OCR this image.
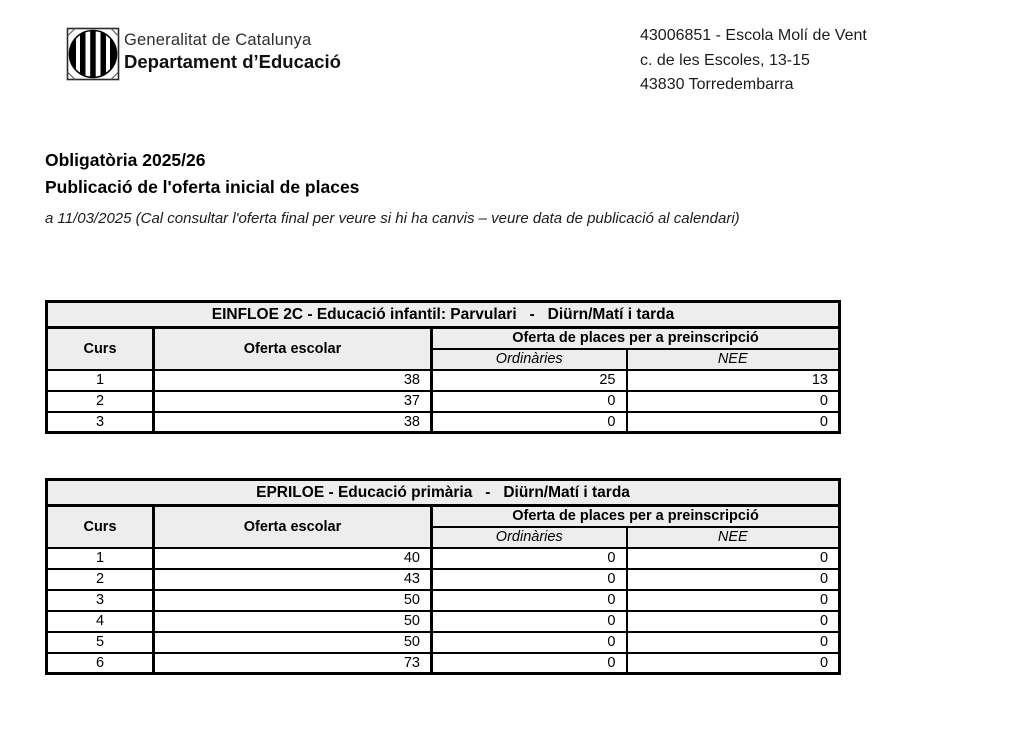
Generalitat de Catalunya
Departament d’Educació
43006851 - Escola Molí de Vent
c. de les Escoles, 13-15
43830 Torredembarra
Obligatòria 2025/26
Publicació de l'oferta inicial de places
a 11/03/2025 (Cal consultar l'oferta final per veure si hi ha canvis – veure data de publicació al calendari)
EINFLOE 2C - Educació infantil: Parvulari   -   Diürn/Matí i tarda			
Curs	Oferta escolar	Oferta de places per a preinscripció	
		Ordinàries	NEE
1	38	25	13
2	37	0	0
3	38	0	0
EPRILOE - Educació primària   -   Diürn/Matí i tarda			
Curs	Oferta escolar	Oferta de places per a preinscripció	
		Ordinàries	NEE
1	40	0	0
2	43	0	0
3	50	0	0
4	50	0	0
5	50	0	0
6	73	0	0
